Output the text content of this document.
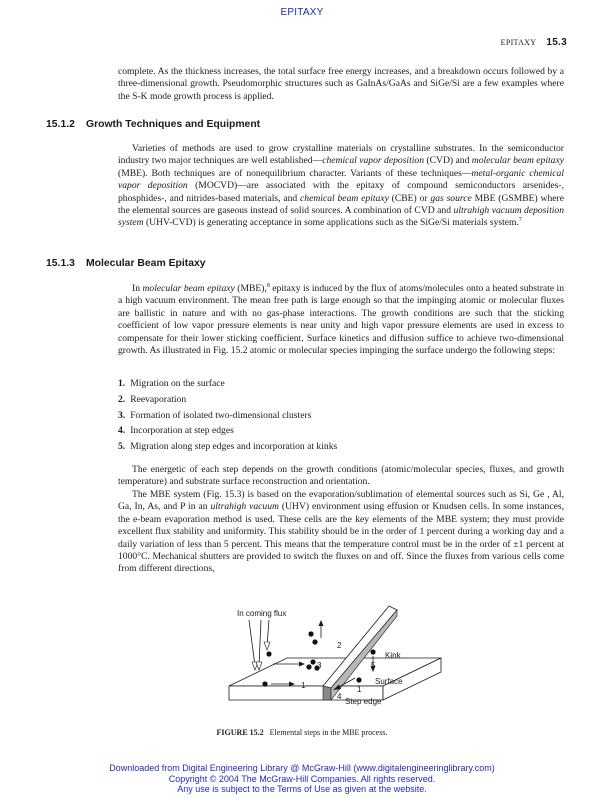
EPITAXY
EPITAXY 15.3

complete. As the thickness increases, the total surface free energy increases, and a breakdown occurs followed by a three-dimensional growth. Pseudomorphic structures such as GaInAs/GaAs and SiGe/Si are a few examples where the S-K mode growth process is applied.

15.1.2 Growth Techniques and Equipment

Varieties of methods are used to grow crystalline materials on crystalline substrates. In the semiconductor industry two major techniques are well established—chemical vapor deposition (CVD) and molecular beam epitaxy (MBE). Both techniques are of nonequilibrium character. Variants of these techniques—metal-organic chemical vapor deposition (MOCVD)—are associated with the epitaxy of compound semiconductors arsenides-, phosphides-, and nitrides-based materials, and chemical beam epitaxy (CBE) or gas source MBE (GSMBE) where the elemental sources are gaseous instead of solid sources. A combination of CVD and ultrahigh vacuum deposition system (UHV-CVD) is generating acceptance in some applications such as the SiGe/Si materials system.$^7$

15.1.3 Molecular Beam Epitaxy

In molecular beam epitaxy (MBE),$^8$ epitaxy is induced by the flux of atoms/molecules onto a heated substrate in a high vacuum environment. The mean free path is large enough so that the impinging atomic or molecular fluxes are ballistic in nature and with no gas-phase interactions. The growth conditions are such that the sticking coefficient of low vapor pressure elements is near unity and high vapor pressure elements are used in excess to compensate for their lower sticking coefficient. Surface kinetics and diffusion suffice to achieve two-dimensional growth. As illustrated in Fig. 15.2 atomic or molecular species impinging the surface undergo the following steps:

1. Migration on the surface
2. Reevaporation
3. Formation of isolated two-dimensional clusters
4. Incorporation at step edges
5. Migration along step edges and incorporation at kinks

The energetic of each step depends on the growth conditions (atomic/molecular species, fluxes, and growth temperature) and substrate surface reconstruction and orientation.

The MBE system (Fig. 15.3) is based on the evaporation/sublimation of elemental sources such as Si, Ge , Al, Ga, In, As, and P in an ultrahigh vacuum (UHV) environment using effusion or Knudsen cells. In some instances, the e-beam evaporation method is used. These cells are the key elements of the MBE system; they must provide excellent flux stability and uniformity. This stability should be in the order of 1 percent during a working day and a daily variation of less than 5 percent. This means that the temperature control must be in the order of ±1 percent at 1000°C. Mechanical shutters are provided to switch the fluxes on and off. Since the fluxes from various cells come from different directions,

In coming flux
Kink
Surface
Step edge
1	1
2
3
4
5
FIGURE 15.2 Elemental steps in the MBE process.
Downloaded from Digital Engineering Library @ McGraw-Hill (www.digitalengineeringlibrary.com)
Copyright © 2004 The McGraw-Hill Companies. All rights reserved.
Any use is subject to the Terms of Use as given at the website.
